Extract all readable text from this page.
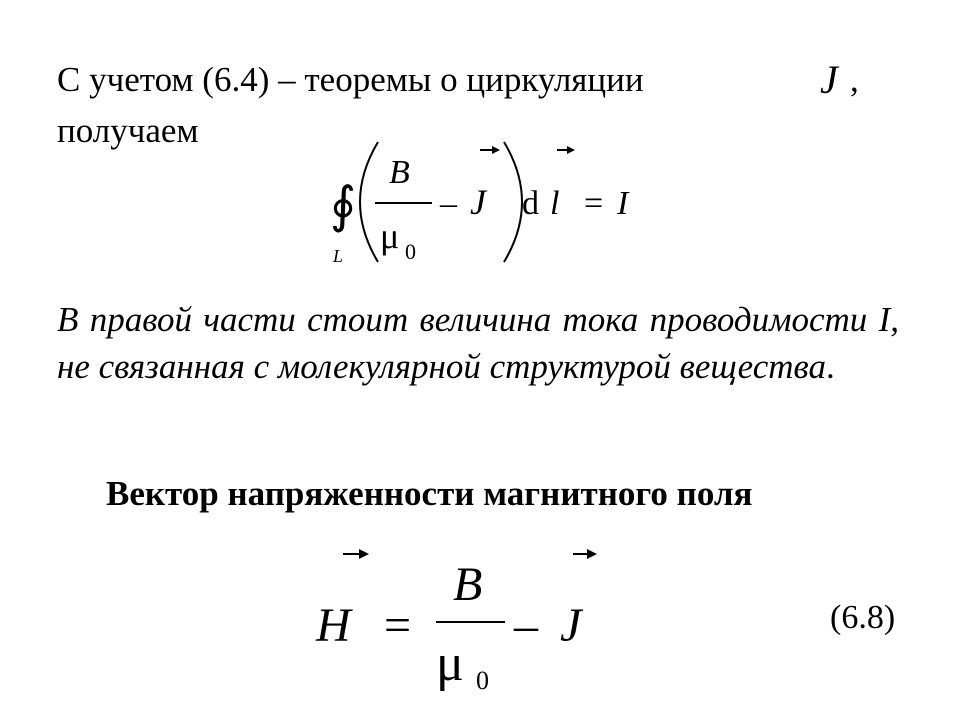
С учетом (6.4) – теоремы о циркуляции	J ,
получаем
∮
L
B
μ 0
– J d l = I
В правой части стоит величина тока проводимости I, не связанная с молекулярной структурой вещества.
Вектор напряженности магнитного поля
H =
B
μ 0
– J	(6.8)
